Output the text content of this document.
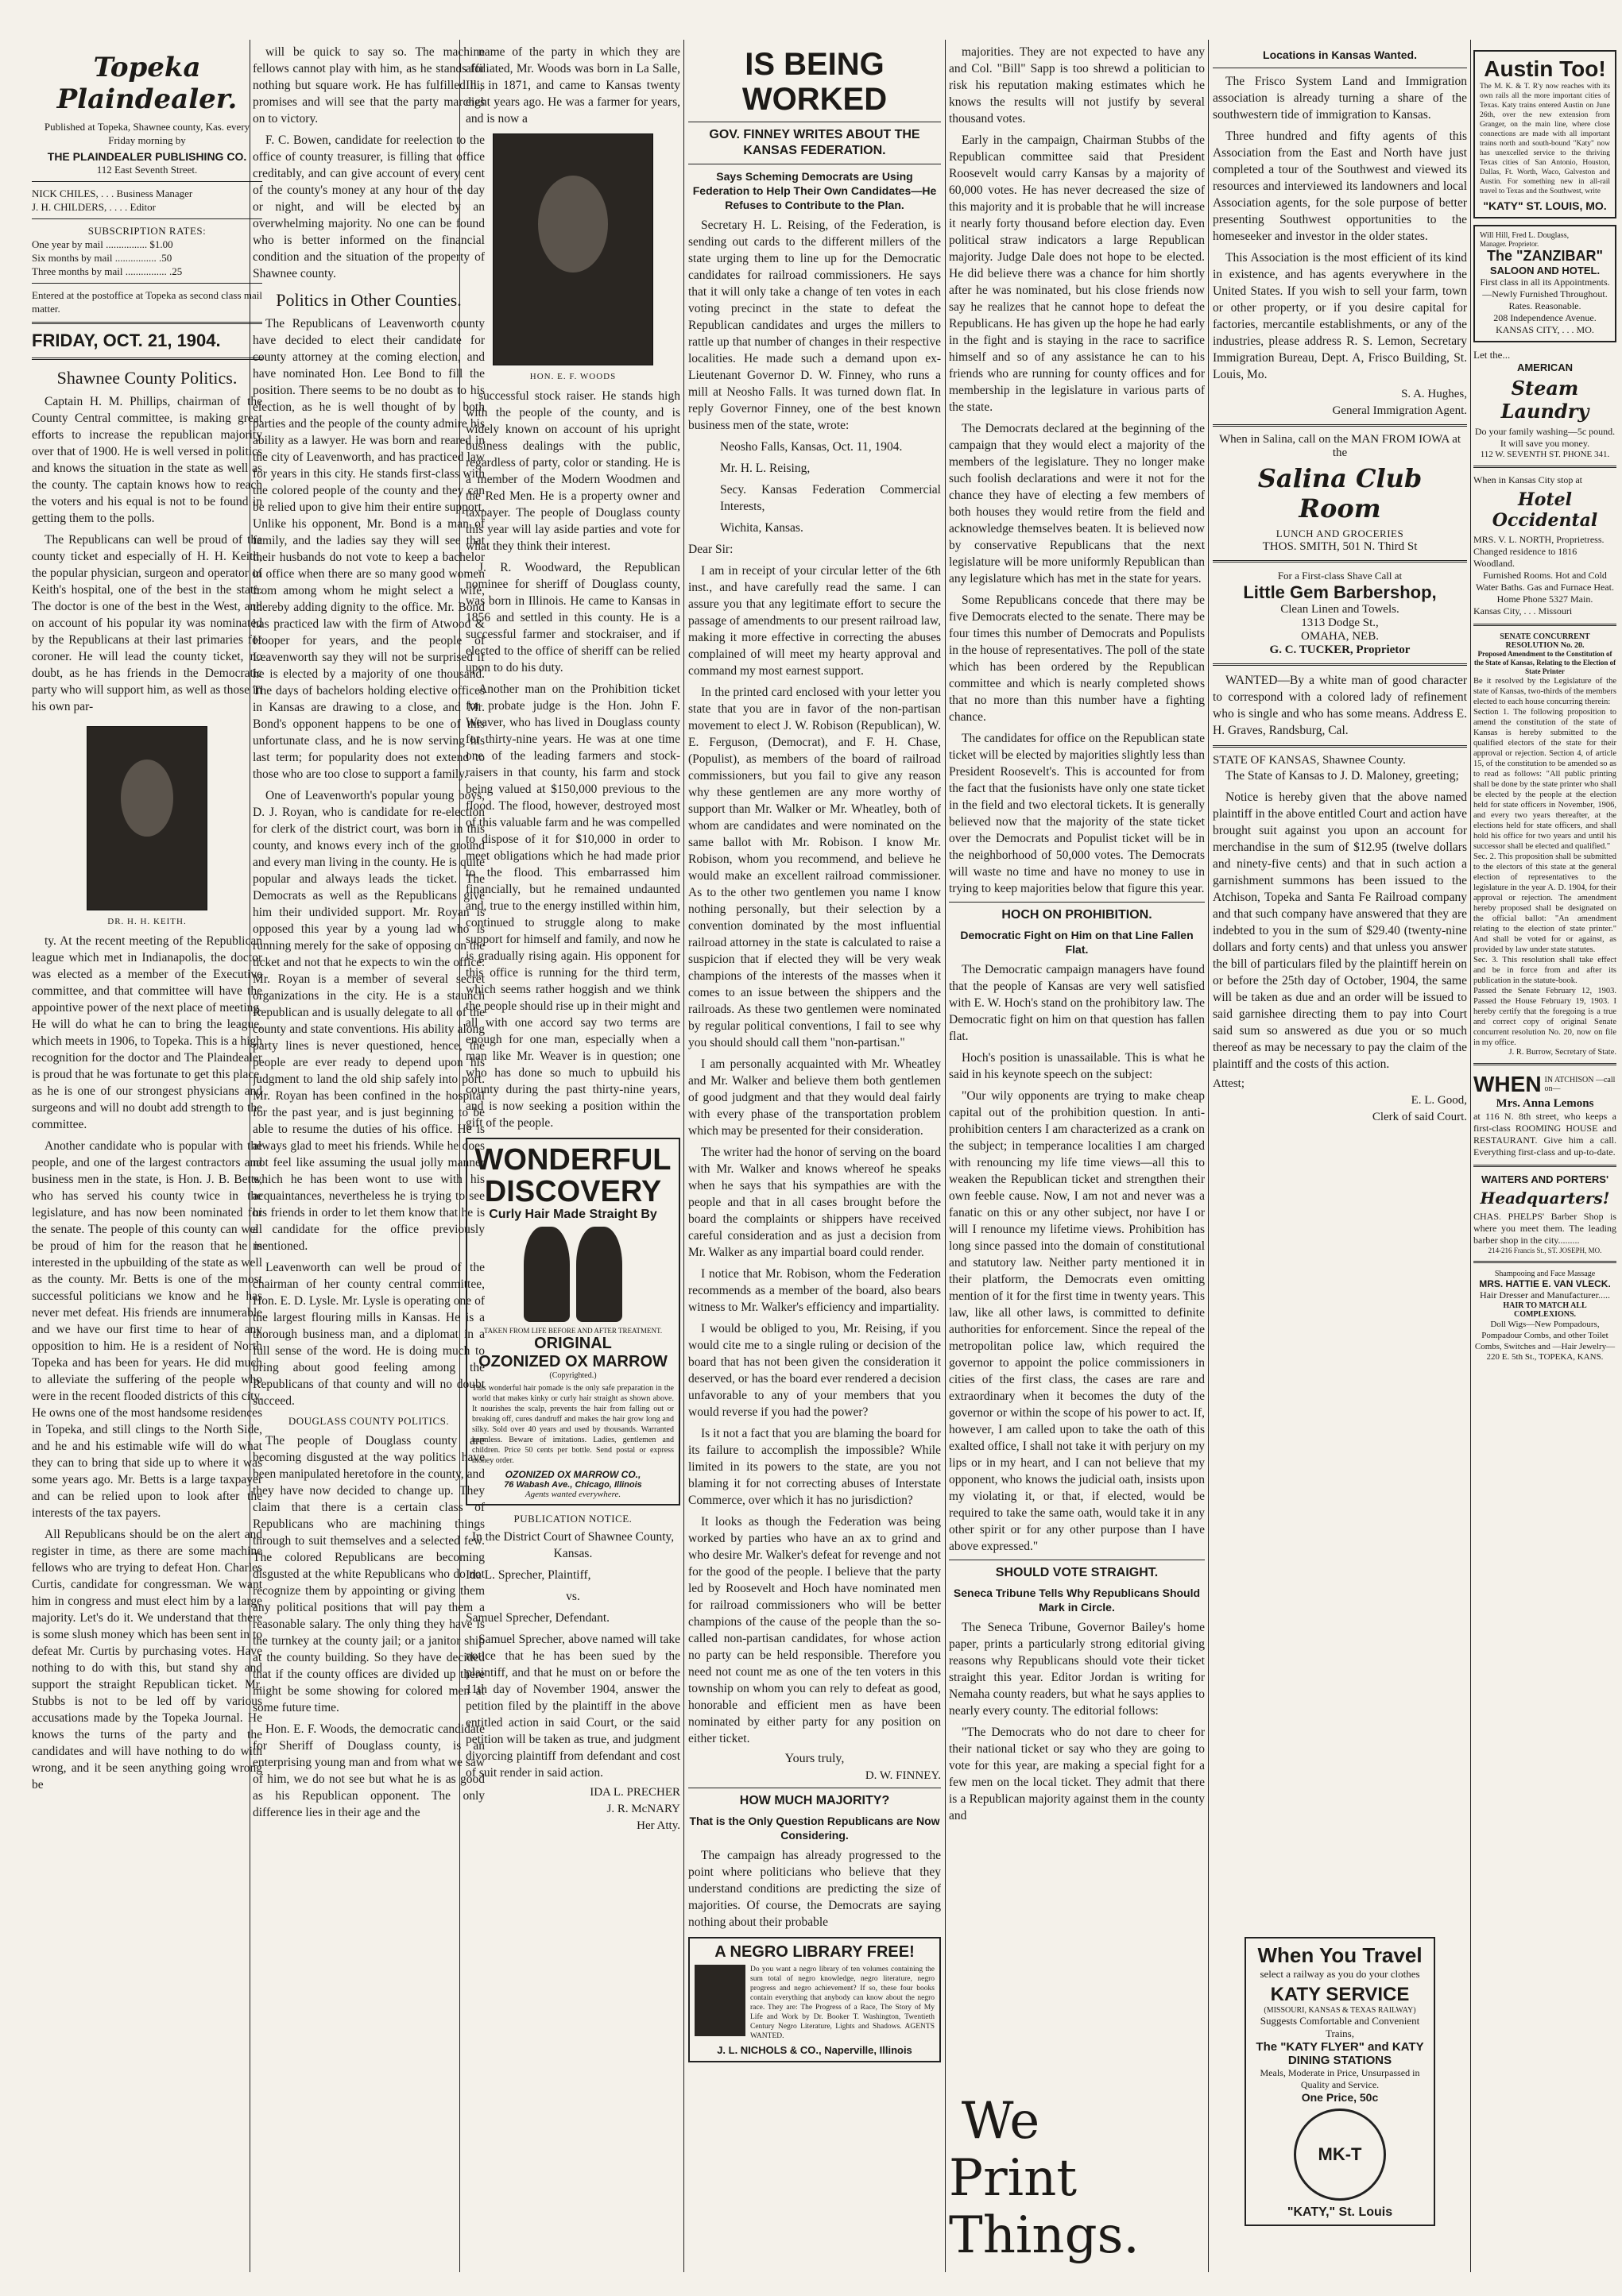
Topeka Plaindealer.
Published at Topeka, Shawnee county, Kas. every Friday morning by
THE PLAINDEALER PUBLISHING CO.
112 East Seventh Street.
NICK CHILES, . . . Business Manager
J. H. CHILDERS, . . . . Editor
SUBSCRIPTION RATES:
One year by mail ................ $1.00
Six months by mail ................ .50
Three months by mail ................ .25
Entered at the postoffice at Topeka as second class mail matter.
FRIDAY, OCT. 21, 1904.
Shawnee County Politics.

Captain H. M. Phillips, chairman of the County Central committee, is making great efforts to increase the republican majority over that of 1900. He is well versed in politics and knows the situation in the state as well as the county. The captain knows how to reach the voters and his equal is not to be found in getting them to the polls.

The Republicans can well be proud of the county ticket and especially of H. H. Keith, the popular physician, surgeon and operator of Keith's hospital, one of the best in the state. The doctor is one of the best in the West, and on account of his popular ity was nominated by the Republicans at their last primaries for coroner. He will lead the county ticket, no doubt, as he has friends in the Democratic party who will support him, as well as those in his own par-

DR. H. H. KEITH.

ty. At the recent meeting of the Republican league which met in Indianapolis, the doctor was elected as a member of the Executive committee, and that committee will have the appointive power of the next place of meeting. He will do what he can to bring the league, which meets in 1906, to Topeka. This is a high recognition for the doctor and The Plaindealer is proud that he was fortunate to get this place, as he is one of our strongest physicians and surgeons and will no doubt add strength to the committee.

Another candidate who is popular with the people, and one of the largest contractors and business men in the state, is Hon. J. B. Betts, who has served his county twice in the legislature, and has now been nominated for the senate. The people of this county can well be proud of him for the reason that he is interested in the upbuilding of the state as well as the county. Mr. Betts is one of the most successful politicians we know and he has never met defeat. His friends are innumerable and we have our first time to hear of any opposition to him. He is a resident of North Topeka and has been for years. He did much to alleviate the suffering of the people who were in the recent flooded districts of this city. He owns one of the most handsome residences in Topeka, and still clings to the North Side, and he and his estimable wife will do what they can to bring that side up to where it was some years ago. Mr. Betts is a large taxpayer and can be relied upon to look after the interests of the tax payers.

All Republicans should be on the alert and register in time, as there are some machine fellows who are trying to defeat Hon. Charles Curtis, candidate for congressman. We want him in congress and must elect him by a large majority. Let's do it. We understand that there is some slush money which has been sent in to defeat Mr. Curtis by purchasing votes. Have nothing to do with this, but stand shy and support the straight Republican ticket. Mr. Stubbs is not to be led off by various accusations made by the Topeka Journal. He knows the turns of the party and the candidates and will have nothing to do with wrong, and it be seen anything going wrong be

will be quick to say so. The machine fellows cannot play with him, as he stands for nothing but square work. He has fulfilled his promises and will see that the party marches on to victory.

F. C. Bowen, candidate for reelection to the office of county treasurer, is filling that office creditably, and can give account of every cent of the county's money at any hour of the day or night, and will be elected by an overwhelming majority. No one can be found who is better informed on the financial condition and the situation of the property of Shawnee county.

Politics in Other Counties.

The Republicans of Leavenworth county have decided to elect their candidate for county attorney at the coming election, and have nominated Hon. Lee Bond to fill the position. There seems to be no doubt as to his election, as he is well thought of by both parties and the people of the county admire his ability as a lawyer. He was born and reared in the city of Leavenworth, and has practiced law for years in this city. He stands first-class with the colored people of the county and they can be relied upon to give him their entire support. Unlike his opponent, Mr. Bond is a man of family, and the ladies say they will see that their husbands do not vote to keep a bachelor in office when there are so many good women from among whom he might select a wife, thereby adding dignity to the office. Mr. Bond has practiced law with the firm of Atwood & Hooper for years, and the people of Leavenworth say they will not be surprised if he is elected by a majority of one thousand. The days of bachelors holding elective offices in Kansas are drawing to a close, and Mr. Bond's opponent happens to be one of this unfortunate class, and he is now serving his last term; for popularity does not extend to those who are too close to support a family.

One of Leavenworth's popular young boys, D. J. Royan, who is candidate for re-election for clerk of the district court, was born in this county, and knows every inch of the ground and every man living in the county. He is quite popular and always leads the ticket. The Democrats as well as the Republicans give him their undivided support. Mr. Royan is opposed this year by a young lad who is running merely for the sake of opposing on the ticket and not that he expects to win the office. Mr. Royan is a member of several secret organizations in the city. He is a staunch Republican and is usually delegate to all of the county and state conventions. His ability along party lines is never questioned, hence, the people are ever ready to depend upon his judgment to land the old ship safely into port. Mr. Royan has been confined in the hospital for the past year, and is just beginning to be able to resume the duties of his office. He is always glad to meet his friends. While he does not feel like assuming the usual jolly manner which he has been wont to use with his acquaintances, nevertheless he is trying to see his friends in order to let them know that he is a candidate for the office previously mentioned.

Leavenworth can well be proud of the chairman of her county central committee, Hon. E. D. Lysle. Mr. Lysle is operating one of the largest flouring mills in Kansas. He is a thorough business man, and a diplomat in a full sense of the word. He is doing much to bring about good feeling among the Republicans of that county and will no doubt succeed.

DOUGLASS COUNTY POLITICS.

The people of Douglass county are becoming disgusted at the way politics have been manipulated heretofore in the county, and they have now decided to change up. They claim that there is a certain class of Republicans who are machining things through to suit themselves and a selected few. The colored Republicans are becoming disgusted at the white Republicans who do not recognize them by appointing or giving them any political positions that will pay them a reasonable salary. The only thing they have is the turnkey at the county jail; or a janitor ship at the county building. So they have decided that if the county offices are divided up there might be some showing for colored men at some future time.

Hon. E. F. Woods, the democratic candidate for Sheriff of Douglass county, is an enterprising young man and from what we saw of him, we do not see but what he is as good as his Republican opponent. The only difference lies in their age and the

name of the party in which they are affiliated, Mr. Woods was born in La Salle, Ill., in 1871, and came to Kansas twenty eight years ago. He was a farmer for years, and is now a

HON. E. F. WOODS

successful stock raiser. He stands high with the people of the county, and is widely known on account of his upright business dealings with the public, regardless of party, color or standing. He is a member of the Modern Woodmen and the Red Men. He is a property owner and taxpayer. The people of Douglass county this year will lay aside parties and vote for what they think their interest.

J. R. Woodward, the Republican nominee for sheriff of Douglass county, was born in Illinois. He came to Kansas in 1856 and settled in this county. He is a successful farmer and stockraiser, and if elected to the office of sheriff can be relied upon to do his duty.

Another man on the Prohibition ticket for probate judge is the Hon. John F. Weaver, who has lived in Douglass county for thirty-nine years. He was at one time one of the leading farmers and stock-raisers in that county, his farm and stock being valued at $150,000 previous to the flood. The flood, however, destroyed most of this valuable farm and he was compelled to dispose of it for $10,000 in order to meet obligations which he had made prior to the flood. This embarrassed him financially, but he remained undaunted and, true to the energy instilled within him, continued to struggle along to make support for himself and family, and now he is gradually rising again. His opponent for this office is running for the third term, which seems rather hoggish and we think the people should rise up in their might and all with one accord say two terms are enough for one man, especially when a man like Mr. Weaver is in question; one who has done so much to upbuild his county during the past thirty-nine years, and is now seeking a position within the gift of the people.

WONDERFUL
DISCOVERY
Curly Hair Made Straight By
TAKEN FROM LIFE BEFORE AND AFTER TREATMENT.
ORIGINAL
OZONIZED OX MARROW
(Copyrighted.)
This wonderful hair pomade is the only safe preparation in the world that makes kinky or curly hair straight as shown above. It nourishes the scalp, prevents the hair from falling out or breaking off, cures dandruff and makes the hair grow long and silky. Sold over 40 years and used by thousands. Warranted harmless. Beware of imitations. Ladies, gentlemen and children. Price 50 cents per bottle. Send postal or express money order.
OZONIZED OX MARROW CO.,
76 Wabash Ave., Chicago, Illinois
Agents wanted everywhere.
PUBLICATION NOTICE.

In the District Court of Shawnee County, Kansas.

Ida L. Sprecher, Plaintiff,

vs.

Samuel Sprecher, Defendant.

Samuel Sprecher, above named will take notice that he has been sued by the plaintiff, and that he must on or before the 11th day of November 1904, answer the petition filed by the plaintiff in the above entitled action in said Court, or the said petition will be taken as true, and judgment divorcing plaintiff from defendant and cost of suit render in said action.

IDA L. PRECHER
J. R. McNARY
Her Atty.
IS BEING WORKED
GOV. FINNEY WRITES ABOUT THE KANSAS FEDERATION.
Says Scheming Democrats are Using Federation to Help Their Own Candidates—He Refuses to Contribute to the Plan.

Secretary H. L. Reising, of the Federation, is sending out cards to the different millers of the state urging them to line up for the Democratic candidates for railroad commissioners. He says that it will only take a change of ten votes in each voting precinct in the state to defeat the Republican candidates and urges the millers to rattle up that number of changes in their respective localities. He made such a demand upon ex-Lieutenant Governor D. W. Finney, who runs a mill at Neosho Falls. It was turned down flat. In reply Governor Finney, one of the best known business men of the state, wrote:

Neosho Falls, Kansas, Oct. 11, 1904.

Mr. H. L. Reising,

Secy. Kansas Federation Commercial Interests,

Wichita, Kansas.

Dear Sir:

I am in receipt of your circular letter of the 6th inst., and have carefully read the same. I can assure you that any legitimate effort to secure the passage of amendments to our present railroad law, making it more effective in correcting the abuses complained of will meet my hearty approval and command my most earnest support.

In the printed card enclosed with your letter you state that you are in favor of the non-partisan movement to elect J. W. Robison (Republican), W. E. Ferguson, (Democrat), and F. H. Chase, (Populist), as members of the board of railroad commissioners, but you fail to give any reason why these gentlemen are any more worthy of support than Mr. Walker or Mr. Wheatley, both of whom are candidates and were nominated on the same ballot with Mr. Robison. I know Mr. Robison, whom you recommend, and believe he would make an excellent railroad commissioner. As to the other two gentlemen you name I know nothing personally, but their selection by a convention dominated by the most influential railroad attorney in the state is calculated to raise a suspicion that if elected they will be very weak champions of the interests of the masses when it comes to an issue between the shippers and the railroads. As these two gentlemen were nominated by regular political conventions, I fail to see why you should should call them "non-partisan."

I am personally acquainted with Mr. Wheatley and Mr. Walker and believe them both gentlemen of good judgment and that they would deal fairly with every phase of the transportation problem which may be presented for their consideration.

The writer had the honor of serving on the board with Mr. Walker and knows whereof he speaks when he says that his sympathies are with the people and that in all cases brought before the board the complaints or shippers have received careful consideration and as just a decision from Mr. Walker as any impartial board could render.

I notice that Mr. Robison, whom the Federation recommends as a member of the board, also bears witness to Mr. Walker's efficiency and impartiality.

I would be obliged to you, Mr. Reising, if you would cite me to a single ruling or decision of the board that has not been given the consideration it deserved, or has the board ever rendered a decision unfavorable to any of your members that you would reverse if you had the power?

Is it not a fact that you are blaming the board for its failure to accomplish the impossible? While limited in its powers to the state, are you not blaming it for not correcting abuses of Interstate Commerce, over which it has no jurisdiction?

It looks as though the Federation was being worked by parties who have an ax to grind and who desire Mr. Walker's defeat for revenge and not for the good of the people. I believe that the party led by Roosevelt and Hoch have nominated men for railroad commissioners who will be better champions of the cause of the people than the so-called non-partisan candidates, for whose action no party can be held responsible. Therefore you need not count me as one of the ten voters in this township on whom you can rely to defeat as good, honorable and efficient men as have been nominated by either party for any position on either ticket.

Yours truly,
D. W. FINNEY.
HOW MUCH MAJORITY?
That is the Only Question Republicans are Now Considering.

The campaign has already progressed to the point where politicians who believe that they understand conditions are predicting the size of majorities. Of course, the Democrats are saying nothing about their probable

A NEGRO LIBRARY FREE!
Do you want a negro library of ten volumes containing the sum total of negro knowledge, negro literature, negro progress and negro achievement? If so, these four books contain everything that anybody can know about the negro race. They are: The Progress of a Race, The Story of My Life and Work by Dr. Booker T. Washington, Twentieth Century Negro Literature, Lights and Shadows. AGENTS WANTED.
J. L. NICHOLS & CO., Naperville, Illinois

majorities. They are not expected to have any and Col. "Bill" Sapp is too shrewd a politician to risk his reputation making estimates which he knows the results will not justify by several thousand votes.

Early in the campaign, Chairman Stubbs of the Republican committee said that President Roosevelt would carry Kansas by a majority of 60,000 votes. He has never decreased the size of this majority and it is probable that he will increase it nearly forty thousand before election day. Even political straw indicators a large Republican majority. Judge Dale does not hope to be elected. He did believe there was a chance for him shortly after he was nominated, but his close friends now say he realizes that he cannot hope to defeat the Republicans. He has given up the hope he had early in the fight and is staying in the race to sacrifice himself and so of any assistance he can to his friends who are running for county offices and for membership in the legislature in various parts of the state.

The Democrats declared at the beginning of the campaign that they would elect a majority of the members of the legislature. They no longer make such foolish declarations and were it not for the chance they have of electing a few members of both houses they would retire from the field and acknowledge themselves beaten. It is believed now by conservative Republicans that the next legislature will be more uniformly Republican than any legislature which has met in the state for years.

Some Republicans concede that there may be five Democrats elected to the senate. There may be four times this number of Democrats and Populists in the house of representatives. The poll of the state which has been ordered by the Republican committee and which is nearly completed shows that no more than this number have a fighting chance.

The candidates for office on the Republican state ticket will be elected by majorities slightly less than President Roosevelt's. This is accounted for from the fact that the fusionists have only one state ticket in the field and two electoral tickets. It is generally believed now that the majority of the state ticket over the Democrats and Populist ticket will be in the neighborhood of 50,000 votes. The Democrats will waste no time and have no money to use in trying to keep majorities below that figure this year.

HOCH ON PROHIBITION.
Democratic Fight on Him on that Line Fallen Flat.

The Democratic campaign managers have found that the people of Kansas are very well satisfied with E. W. Hoch's stand on the prohibitory law. The Democratic fight on him on that question has fallen flat.

Hoch's position is unassailable. This is what he said in his keynote speech on the subject:

"Our wily opponents are trying to make cheap capital out of the prohibition question. In anti-prohibition centers I am characterized as a crank on the subject; in temperance localities I am charged with renouncing my life time views—all this to weaken the Republican ticket and strengthen their own feeble cause. Now, I am not and never was a fanatic on this or any other subject, nor have I or will I renounce my lifetime views. Prohibition has long since passed into the domain of constitutional and statutory law. Neither party mentioned it in their platform, the Democrats even omitting mention of it for the first time in twenty years. This law, like all other laws, is committed to definite authorities for enforcement. Since the repeal of the metropolitan police law, which required the governor to appoint the police commissioners in cities of the first class, the cases are rare and extraordinary when it becomes the duty of the governor or within the scope of his power to act. If, however, I am called upon to take the oath of this exalted office, I shall not take it with perjury on my lips or in my heart, and I can not believe that my opponent, who knows the judicial oath, insists upon my violating it, or that, if elected, would be required to take the same oath, would take it in any other spirit or for any other purpose than I have above expressed."

SHOULD VOTE STRAIGHT.
Seneca Tribune Tells Why Republicans Should Mark in Circle.

The Seneca Tribune, Governor Bailey's home paper, prints a particularly strong editorial giving reasons why Republicans should vote their ticket straight this year. Editor Jordan is writing for Nemaha county readers, but what he says applies to nearly every county. The editorial follows:

"The Democrats who do not dare to cheer for their national ticket or say who they are going to vote for this year, are making a special fight for a few men on the local ticket. They admit that there is a Republican majority against them in the county and

We
Print
Things.
Locations in Kansas Wanted.

The Frisco System Land and Immigration association is already turning a share of the southwestern tide of immigration to Kansas.

Three hundred and fifty agents of this Association from the East and North have just completed a tour of the Southwest and viewed its resources and interviewed its landowners and local Association agents, for the sole purpose of better presenting Southwest opportunities to the homeseeker and investor in the older states.

This Association is the most efficient of its kind in existence, and has agents everywhere in the United States. If you wish to sell your farm, town or other property, or if you desire capital for factories, mercantile establishments, or any of the industries, please address R. S. Lemon, Secretary Immigration Bureau, Dept. A, Frisco Building, St. Louis, Mo.

S. A. Hughes,
General Immigration Agent.
When in Salina, call on the MAN FROM IOWA at the
Salina Club Room
LUNCH AND GROCERIES
THOS. SMITH, 501 N. Third St
For a First-class Shave Call at
Little Gem Barbershop,
Clean Linen and Towels.
1313 Dodge St.,
OMAHA, NEB.
G. C. TUCKER, Proprietor

WANTED—By a white man of good character to correspond with a colored lady of refinement who is single and who has some means. Address E. H. Graves, Randsburg, Cal.

STATE OF KANSAS, Shawnee County.

The State of Kansas to J. D. Maloney, greeting;

Notice is hereby given that the above named plaintiff in the above entitled Court and action have brought suit against you upon an account for merchandise in the sum of $12.95 (twelve dollars and ninety-five cents) and that in such action a garnishment summons has been issued to the Atchison, Topeka and Santa Fe Railroad company and that such company have answered that they are indebted to you in the sum of $29.40 (twenty-nine dollars and forty cents) and that unless you answer the bill of particulars filed by the plaintiff herein on or before the 25th day of October, 1904, the same will be taken as due and an order will be issued to said garnishee directing them to pay into Court said sum so answered as due you or so much thereof as may be necessary to pay the claim of the plaintiff and the costs of this action.

Attest;
E. L. Good,
Clerk of said Court.
When You Travel
select a railway as you do your clothes
KATY SERVICE
(MISSOURI, KANSAS & TEXAS RAILWAY)
Suggests Comfortable and Convenient Trains,
The "KATY FLYER" and KATY DINING STATIONS
Meals, Moderate in Price, Unsurpassed in Quality and Service.
One Price, 50c
MK-T
"KATY," St. Louis
Austin Too!
The M. K. & T. R'y now reaches with its own rails all the more important cities of Texas. Katy trains entered Austin on June 26th, over the new extension from Granger, on the main line, where close connections are made with all important trains north and south-bound "Katy" now has unexcelled service to the thriving Texas cities of San Antonio, Houston, Dallas, Ft. Worth, Waco, Galveston and Austin. For something new in all-rail travel to Texas and the Southwest, write
"KATY" ST. LOUIS, MO.
Will Hill, Fred L. Douglass,
Manager. Proprietor.
The "ZANZIBAR"
SALOON AND HOTEL.
First class in all its Appointments.—Newly Furnished Throughout. Rates. Reasonable.
208 Independence Avenue.
KANSAS CITY, . . . MO.
Let the...
AMERICAN
Steam Laundry
Do your family washing—5c pound. It will save you money.
112 W. SEVENTH ST. PHONE 341.
When in Kansas City stop at
Hotel Occidental
MRS. V. L. NORTH, Proprietress.
Changed residence to 1816 Woodland.
Furnished Rooms. Hot and Cold Water Baths. Gas and Furnace Heat.
Home Phone 5327 Main.
Kansas City, . . . Missouri
SENATE CONCURRENT RESOLUTION No. 20.
Proposed Amendment to the Constitution of the State of Kansas, Relating to the Election of State Printer
Be it resolved by the Legislature of the state of Kansas, two-thirds of the members elected to each house concurring therein:
Section 1. The following proposition to amend the constitution of the state of Kansas is hereby submitted to the qualified electors of the state for their approval or rejection. Section 4, of article 15, of the constitution to be amended so as to read as follows: "All public printing shall be done by the state printer who shall be elected by the people at the election held for state officers in November, 1906, and every two years thereafter, at the elections held for state officers, and shall hold his office for two years and until his successor shall be elected and qualified."
Sec. 2. This proposition shall be submitted to the electors of this state at the general election of representatives to the legislature in the year A. D. 1904, for their approval or rejection. The amendment hereby proposed shall be designated on the official ballot: "An amendment relating to the election of state printer." And shall be voted for or against, as provided by law under state statutes.
Sec. 3. This resolution shall take effect and be in force from and after its publication in the statute-book.
Passed the Senate February 12, 1903. Passed the House February 19, 1903. I hereby certify that the foregoing is a true and correct copy of original Senate concurrent resolution No. 20, now on file in my office.
J. R. Burrow, Secretary of State.
WHEN IN ATCHISON —call on—
Mrs. Anna Lemons
at 116 N. 8th street, who keeps a first-class ROOMING HOUSE and RESTAURANT. Give him a call. Everything first-class and up-to-date.
WAITERS AND PORTERS'
Headquarters!
CHAS. PHELPS' Barber Shop is where you meet them. The leading barber shop in the city.........
214-216 Francis St., ST. JOSEPH, MO.
Shampooing and Face Massage
MRS. HATTIE E. VAN VLECK.
Hair Dresser and Manufacturer.....
HAIR TO MATCH ALL COMPLEXIONS.
Doll Wigs—New Pompadours, Pompadour Combs, and other Toilet Combs, Switches and —Hair Jewelry—
220 E. 5th St., TOPEKA, KANS.
